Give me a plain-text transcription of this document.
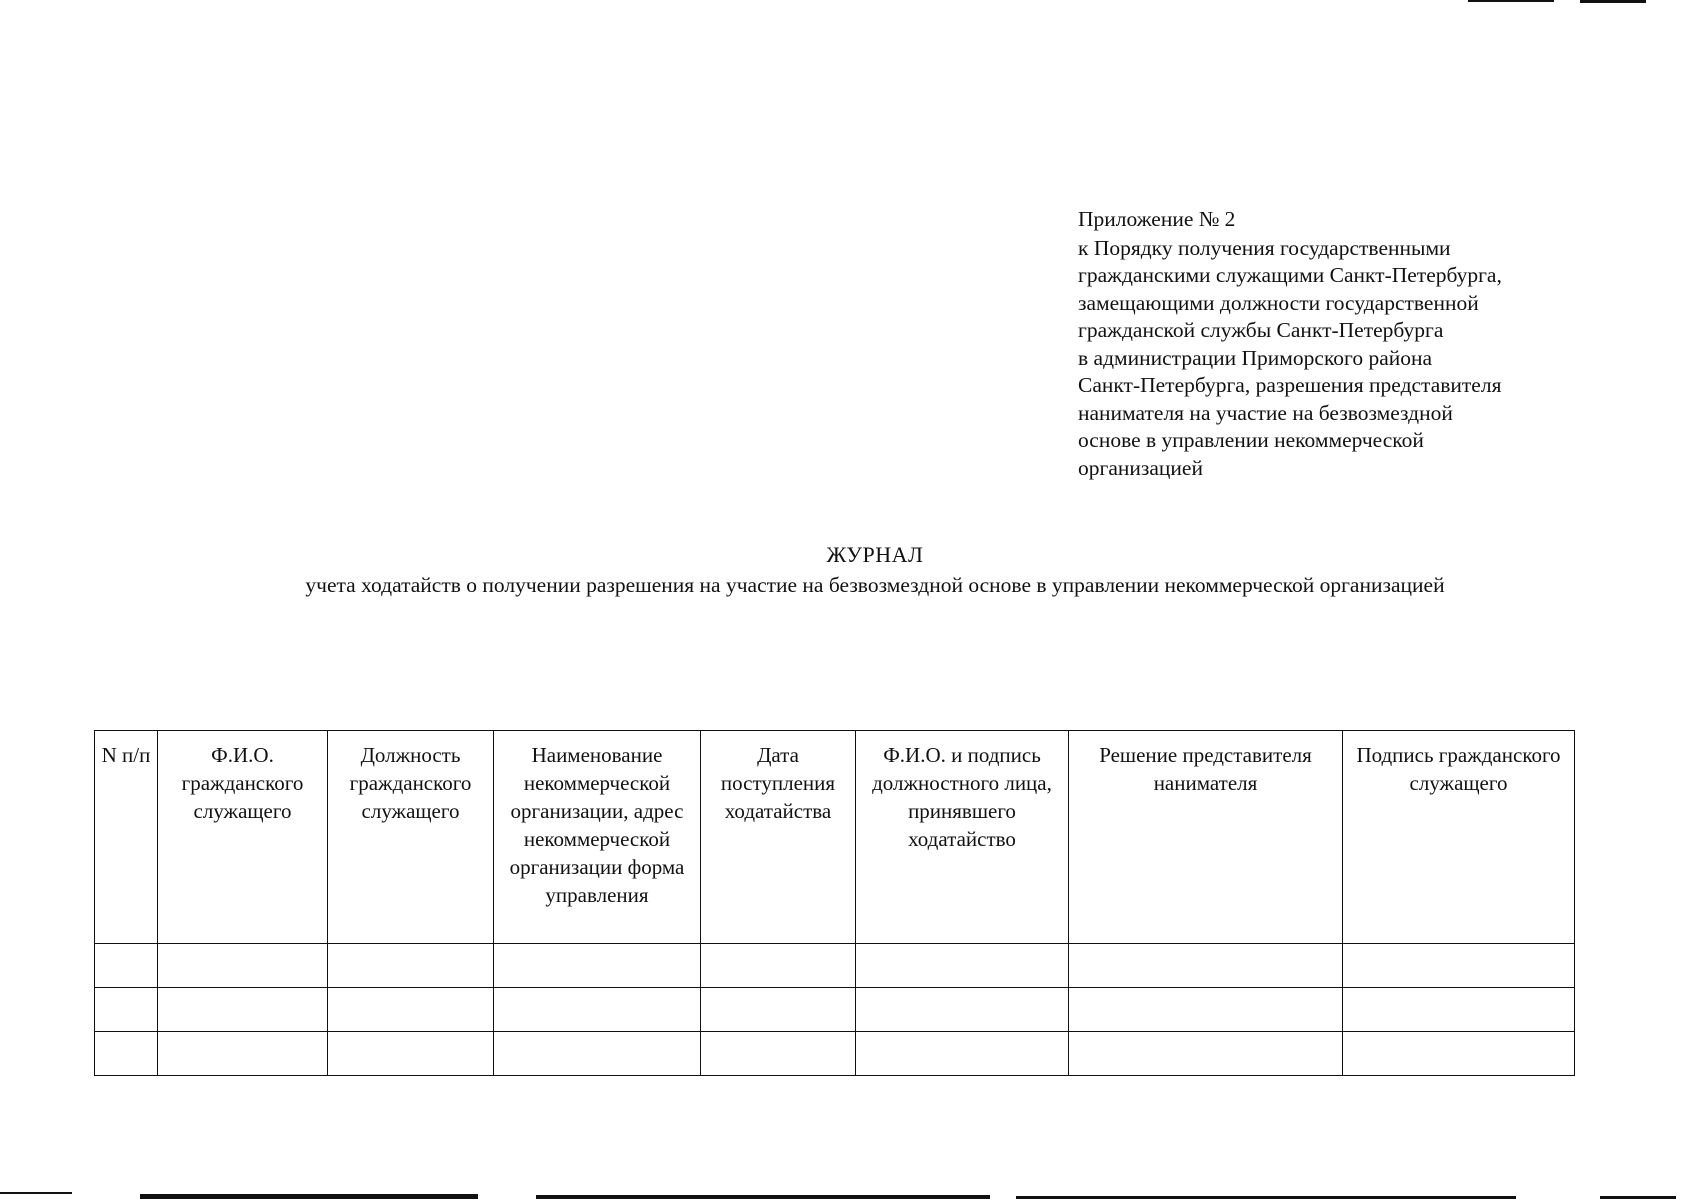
Приложение № 2
к Порядку получения государственными
гражданскими служащими Санкт-Петербурга,
замещающими должности государственной
гражданской службы Санкт-Петербурга
в администрации Приморского района
Санкт-Петербурга, разрешения представителя
нанимателя на участие на безвозмездной
основе в управлении некоммерческой
организацией
ЖУРНАЛ
учета ходатайств о получении разрешения на участие на безвозмездной основе в управлении некоммерческой организацией
N п/п	Ф.И.О. гражданского служащего	Должность гражданского служащего	Наименование некоммерческой организации, адрес некоммерческой организации форма управления	Дата поступления ходатайства	Ф.И.О. и подпись должностного лица, принявшего ходатайство	Решение представителя нанимателя	Подпись гражданского служащего
